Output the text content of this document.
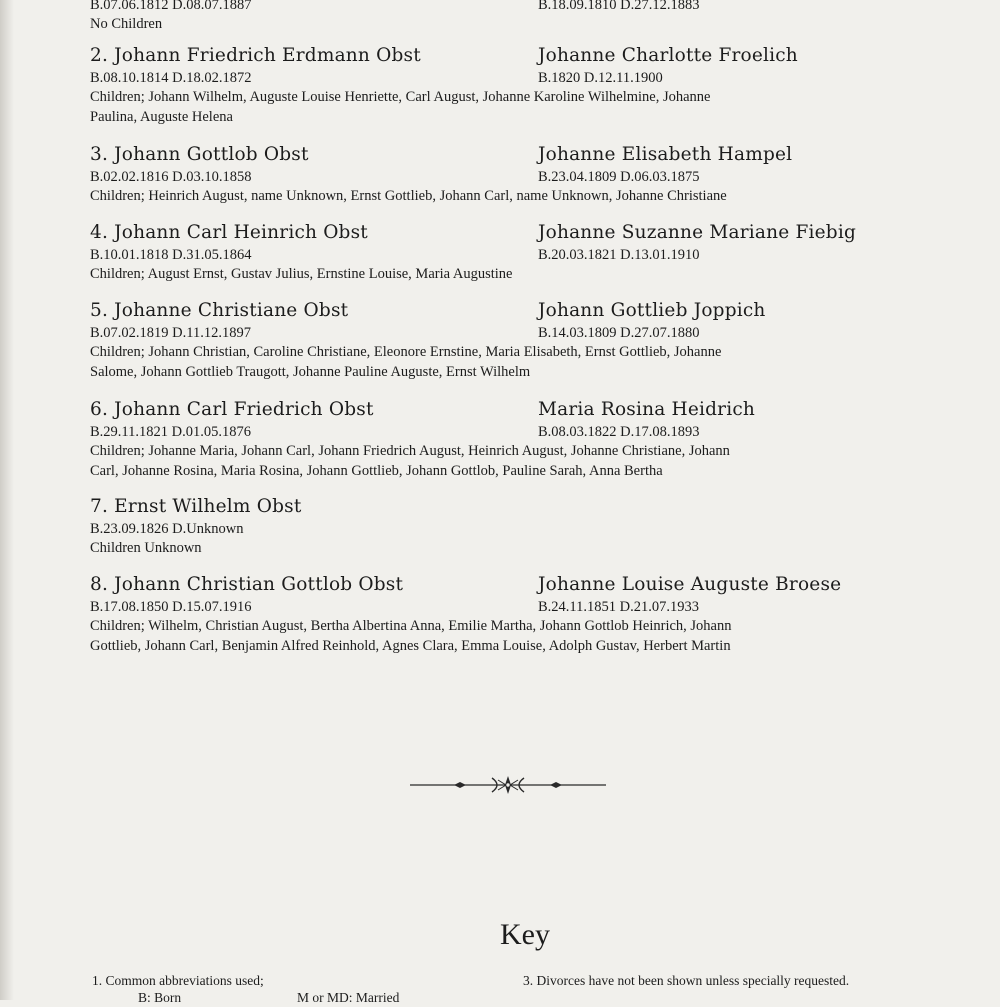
B.07.06.1812 D.08.07.1887	B.18.09.1810 D.27.12.1883
No Children
2. Johann Friedrich Erdmann Obst	Johanne Charlotte Froelich
B.08.10.1814 D.18.02.1872	B.1820 D.12.11.1900
Children; Johann Wilhelm, Auguste Louise Henriette, Carl August, Johanne Karoline Wilhelmine, Johanne
Paulina, Auguste Helena
3. Johann Gottlob Obst	Johanne Elisabeth Hampel
B.02.02.1816 D.03.10.1858	B.23.04.1809 D.06.03.1875
Children; Heinrich August, name Unknown, Ernst Gottlieb, Johann Carl, name Unknown, Johanne Christiane
4. Johann Carl Heinrich Obst	Johanne Suzanne Mariane Fiebig
B.10.01.1818 D.31.05.1864	B.20.03.1821 D.13.01.1910
Children; August Ernst, Gustav Julius, Ernstine Louise, Maria Augustine
5. Johanne Christiane Obst	Johann Gottlieb Joppich
B.07.02.1819 D.11.12.1897	B.14.03.1809 D.27.07.1880
Children; Johann Christian, Caroline Christiane, Eleonore Ernstine, Maria Elisabeth, Ernst Gottlieb, Johanne
Salome, Johann Gottlieb Traugott, Johanne Pauline Auguste, Ernst Wilhelm
6. Johann Carl Friedrich Obst	Maria Rosina Heidrich
B.29.11.1821 D.01.05.1876	B.08.03.1822 D.17.08.1893
Children; Johanne Maria, Johann Carl, Johann Friedrich August, Heinrich August, Johanne Christiane, Johann
Carl, Johanne Rosina, Maria Rosina, Johann Gottlieb, Johann Gottlob, Pauline Sarah, Anna Bertha
7. Ernst Wilhelm Obst
B.23.09.1826 D.Unknown
Children Unknown
8. Johann Christian Gottlob Obst	Johanne Louise Auguste Broese
B.17.08.1850 D.15.07.1916	B.24.11.1851 D.21.07.1933
Children; Wilhelm, Christian August, Bertha Albertina Anna, Emilie Martha, Johann Gottlob Heinrich, Johann
Gottlieb, Johann Carl, Benjamin Alfred Reinhold, Agnes Clara, Emma Louise, Adolph Gustav, Herbert Martin
Key
1. Common abbreviations used;
B: Born	M or MD: Married
3. Divorces have not been shown unless specially requested.
